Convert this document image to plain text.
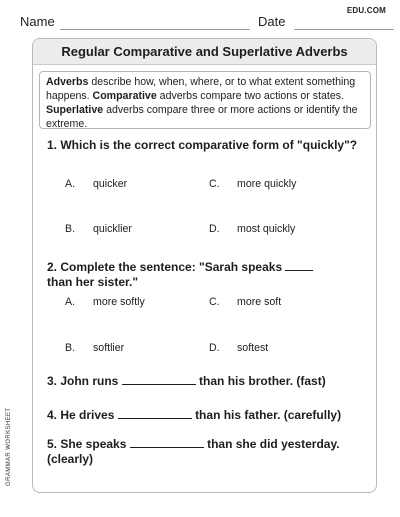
EDU.COM
Name	Date
Regular Comparative and Superlative Adverbs
Adverbs describe how, when, where, or to what extent something happens. Comparative adverbs compare two actions or states. Superlative adverbs compare three or more actions or identify the extreme.
1. Which is the correct comparative form of "quickly"?
A. quicker	C. more quickly
B. quicklier	D. most quickly
2. Complete the sentence: "Sarah speaks
than her sister."
A. more softly	C. more soft
B. softlier	D. softest
3. John runs	than his brother. (fast)
4. He drives	than his father. (carefully)
5. She speaks	than she did yesterday.
(clearly)
GRAMMAR WORKSHEET
